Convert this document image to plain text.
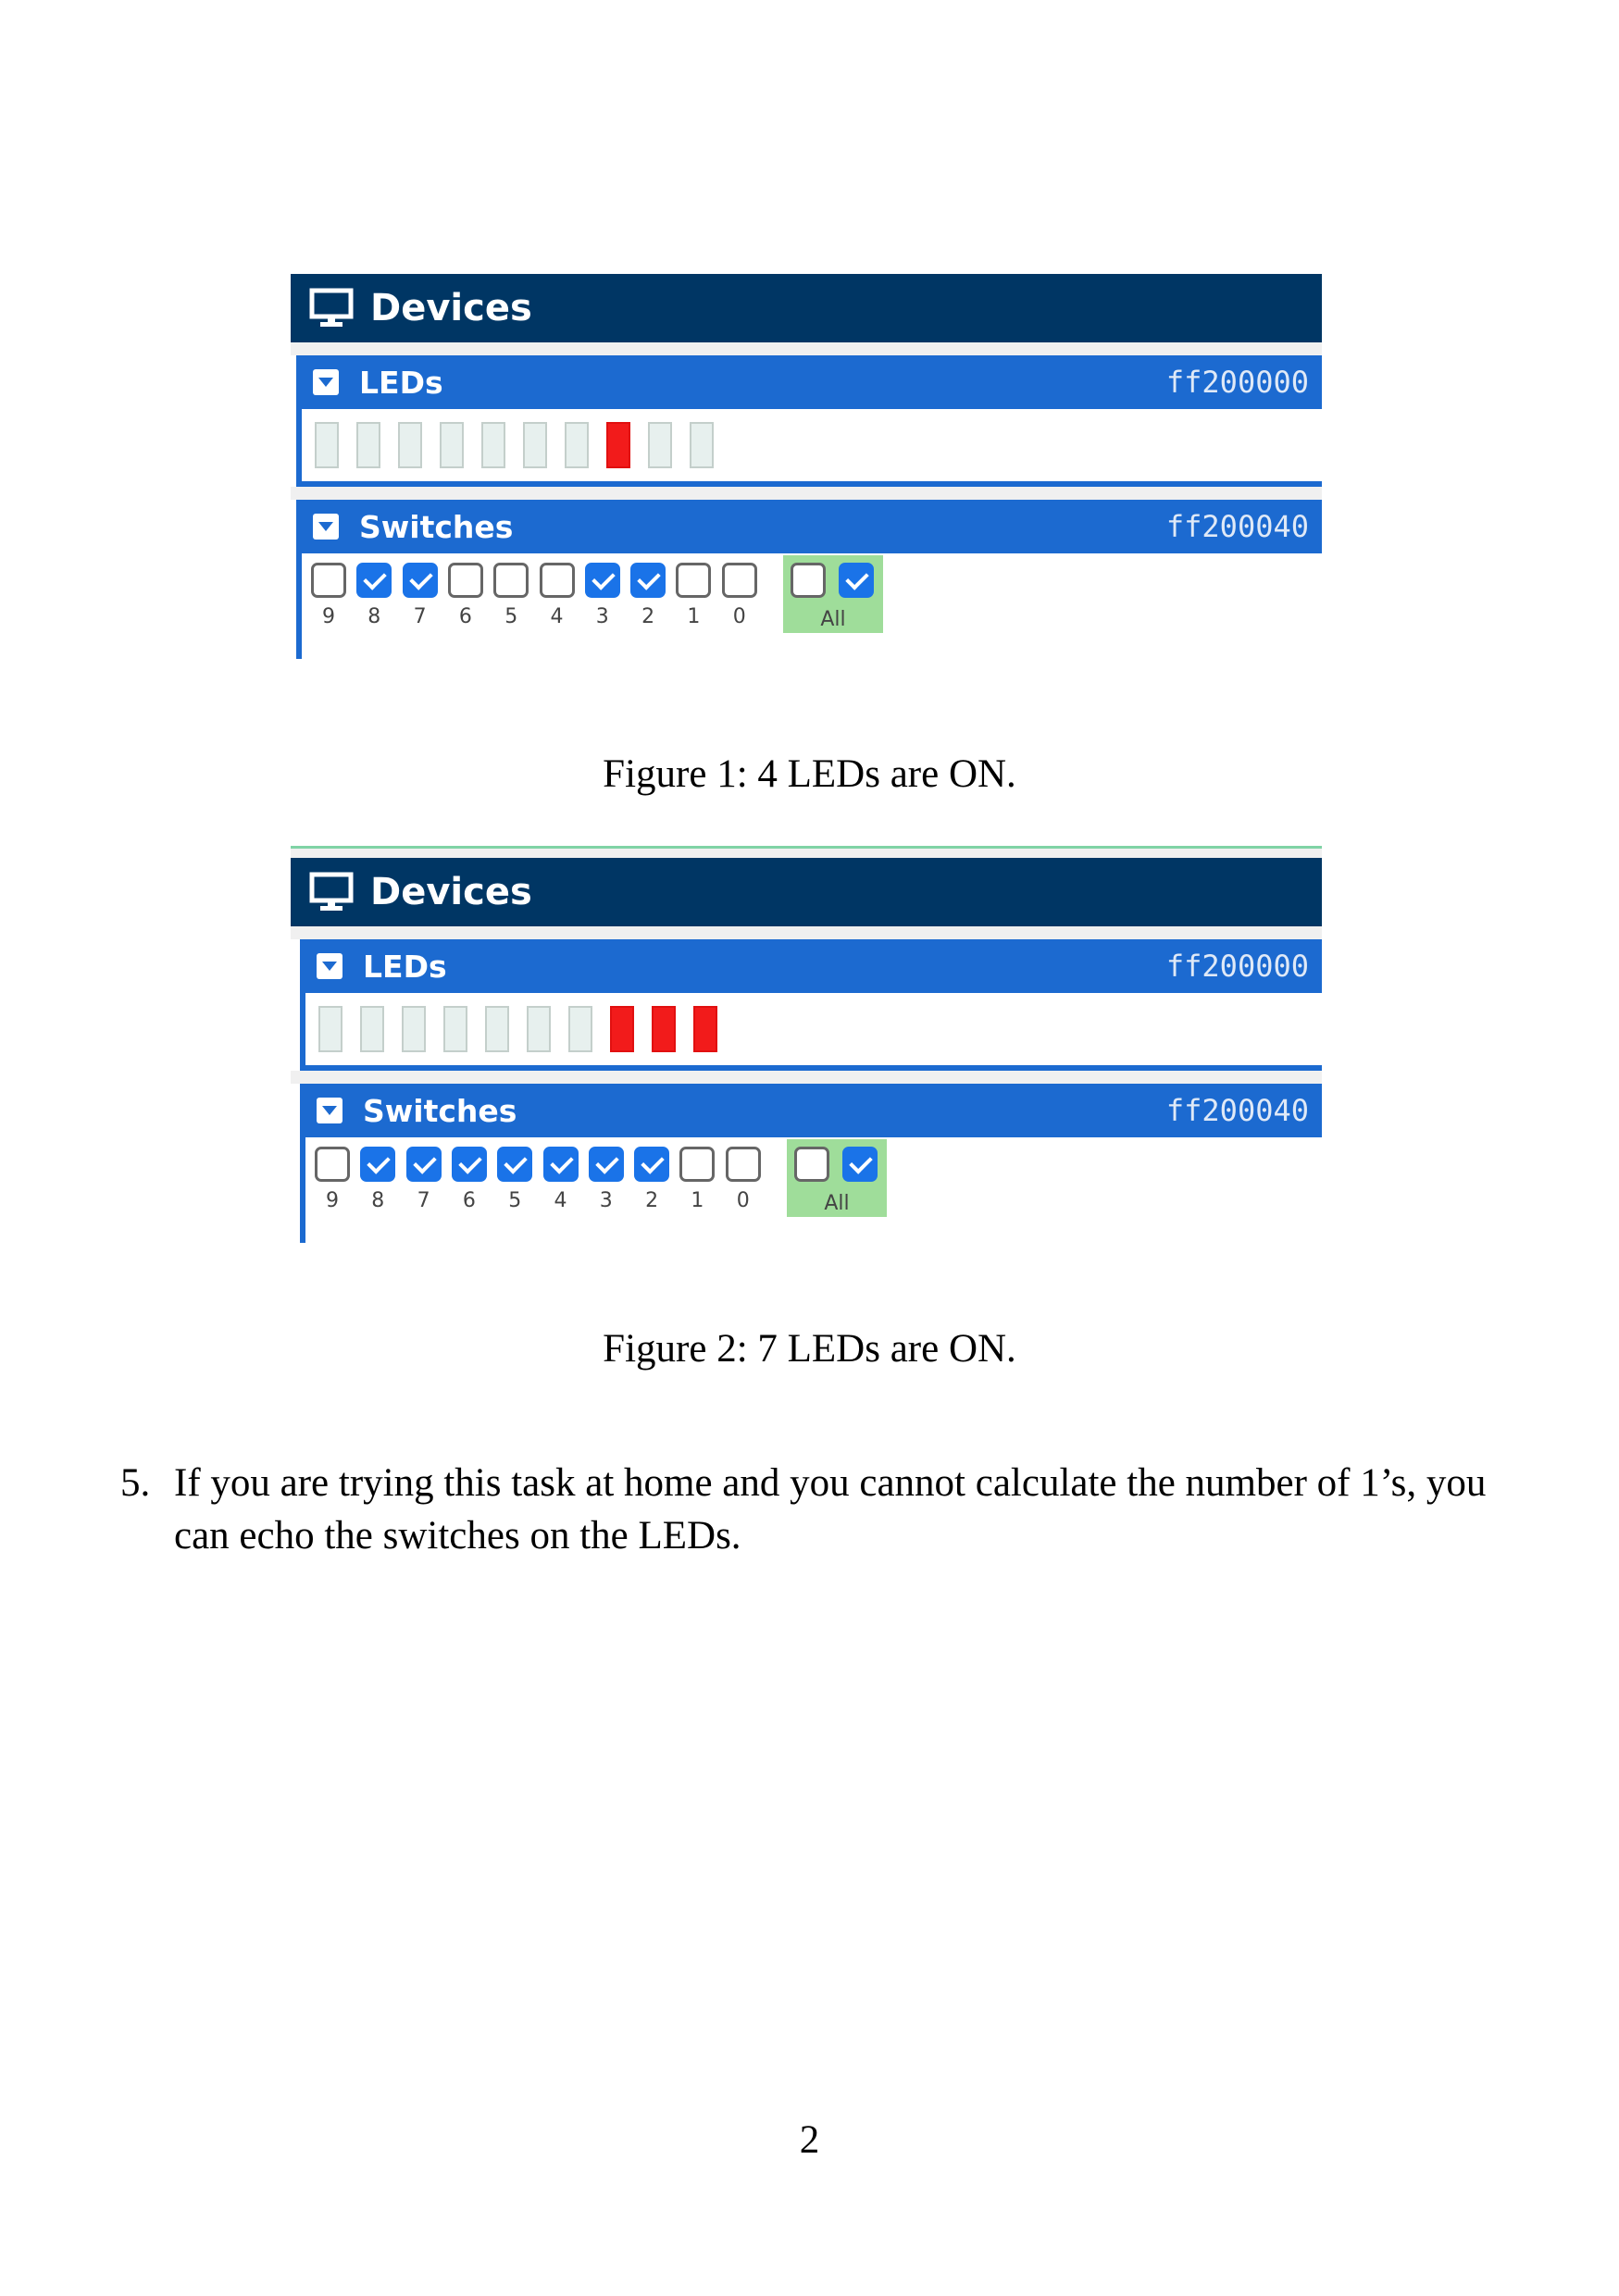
Devices
LEDs	ff200000
Switches	ff200040
9	8	7	6	5	4	3	2	1	0	All
Figure 1: 4 LEDs are ON.
Devices
LEDs	ff200000
Switches	ff200040
9	8	7	6	5	4	3	2	1	0	All
Figure 2: 7 LEDs are ON.
5. If you are trying this task at home and you cannot calculate the number of 1’s, you
can echo the switches on the LEDs.
2
